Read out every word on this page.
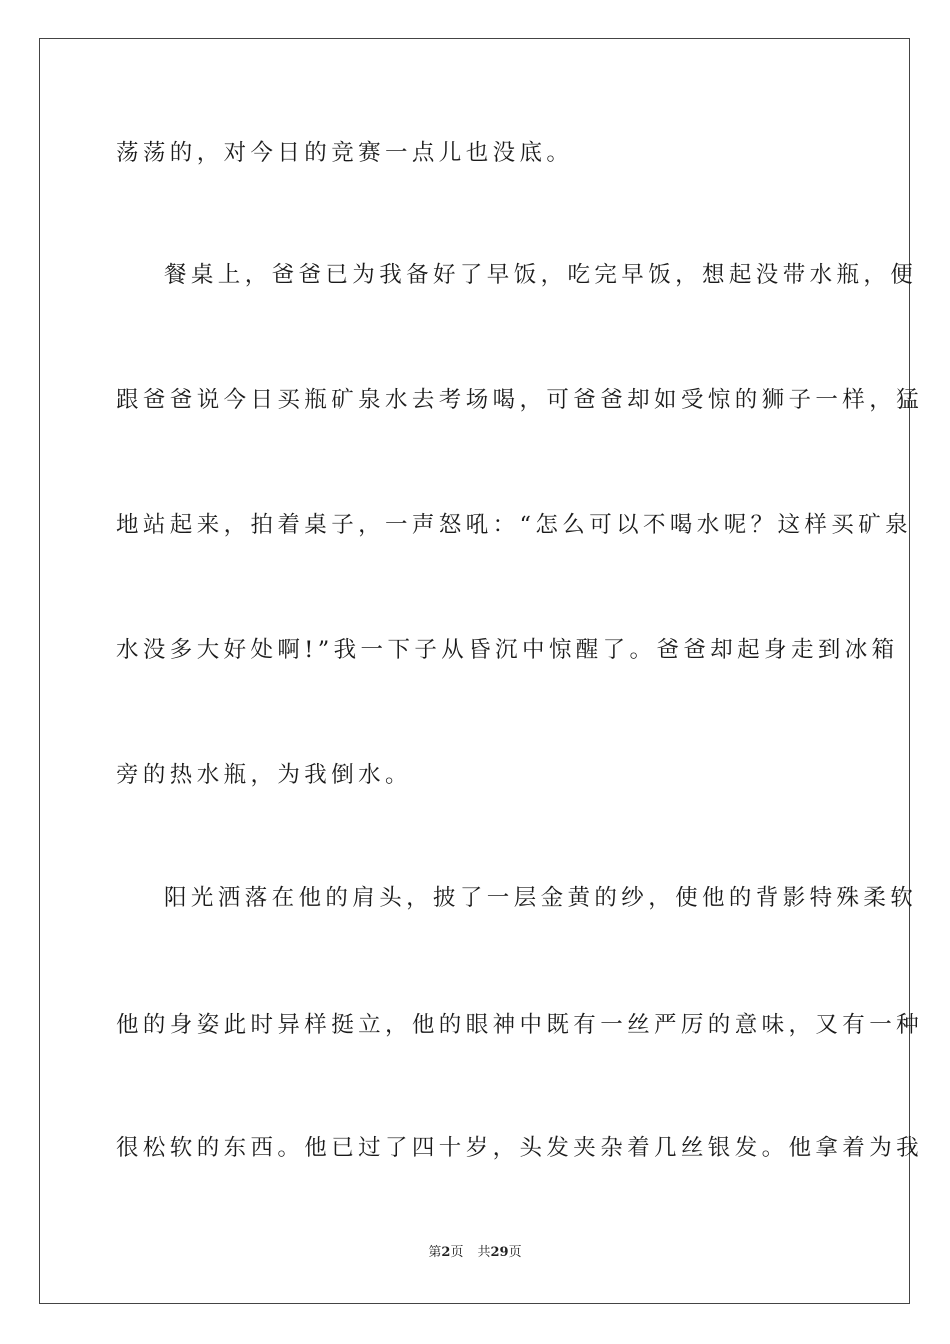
荡荡的，对今日的竞赛一点儿也没底。
餐桌上，爸爸已为我备好了早饭，吃完早饭，想起没带水瓶，便
跟爸爸说今日买瓶矿泉水去考场喝，可爸爸却如受惊的狮子一样，猛
地站起来，拍着桌子，一声怒吼：“怎么可以不喝水呢？这样买矿泉
水没多大好处啊!”我一下子从昏沉中惊醒了。爸爸却起身走到冰箱
旁的热水瓶，为我倒水。
阳光洒落在他的肩头，披了一层金黄的纱，使他的背影特殊柔软
他的身姿此时异样挺立，他的眼神中既有一丝严厉的意味，又有一种
很松软的东西。他已过了四十岁，头发夹杂着几丝银发。他拿着为我
第2页 共29页
